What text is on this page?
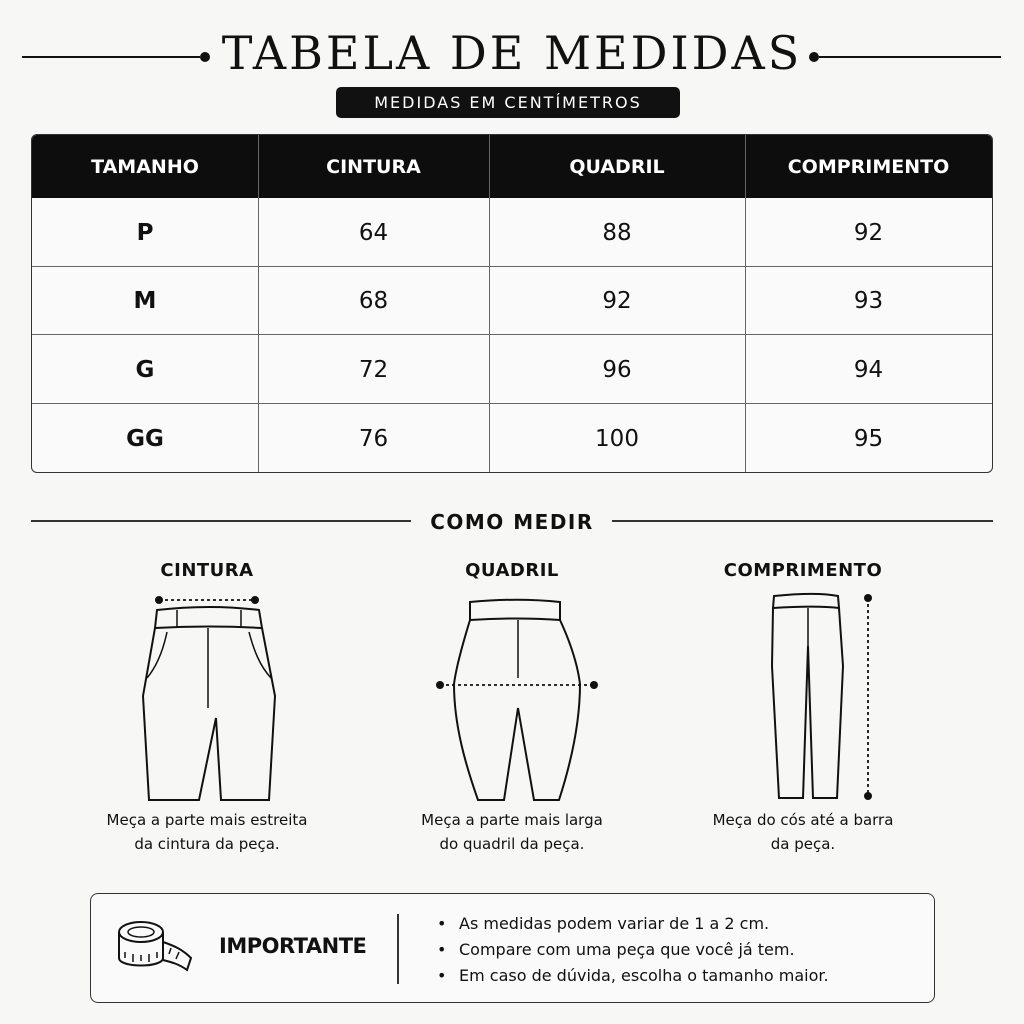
TABELA DE MEDIDAS
MEDIDAS EM CENTÍMETROS
TAMANHO	CINTURA	QUADRIL	COMPRIMENTO
P	64	88	92
M	68	92	93
G	72	96	94
GG	76	100	95
COMO MEDIR
CINTURA
Meça a parte mais estreita
da cintura da peça.
QUADRIL
Meça a parte mais larga
do quadril da peça.
COMPRIMENTO
Meça do cós até a barra
da peça.
IMPORTANTE
• As medidas podem variar de 1 a 2 cm.
• Compare com uma peça que você já tem.
• Em caso de dúvida, escolha o tamanho maior.
